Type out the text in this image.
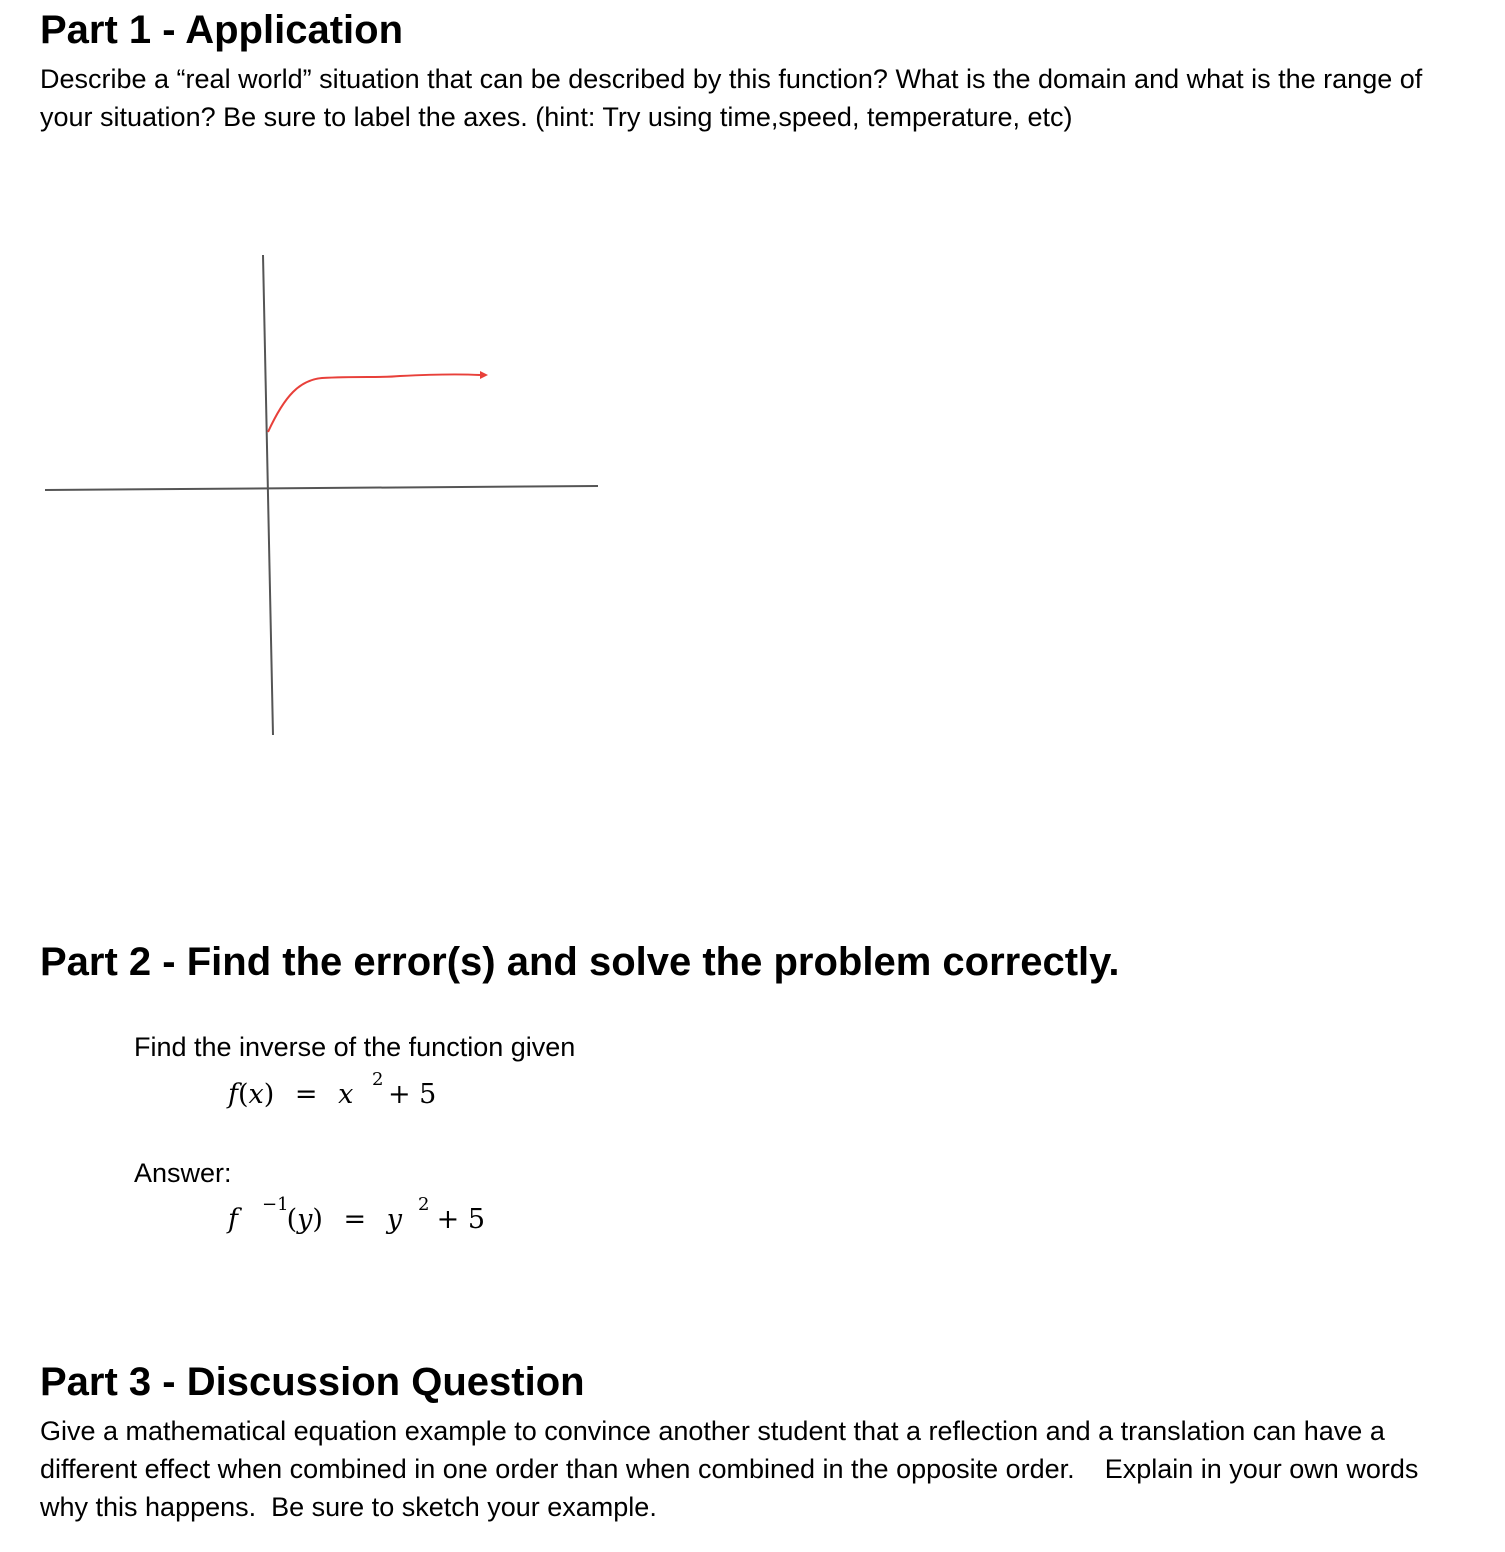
Part 1 - Application

Describe a “real world” situation that can be described by this function? What is the domain and what is the range of your situation? Be sure to label the axes. (hint: Try using time,speed, temperature, etc)

Part 2 - Find the error(s) and solve the problem correctly.

Find the inverse of the function given

f(x) = x 2 + 5

Answer:

f −1
(y) = y 2 + 5
Part 3 - Discussion Question

Give a mathematical equation example to convince another student that a reflection and a translation can have a different effect when combined in one order than when combined in the opposite order.    Explain in your own words why this happens.  Be sure to sketch your example.
